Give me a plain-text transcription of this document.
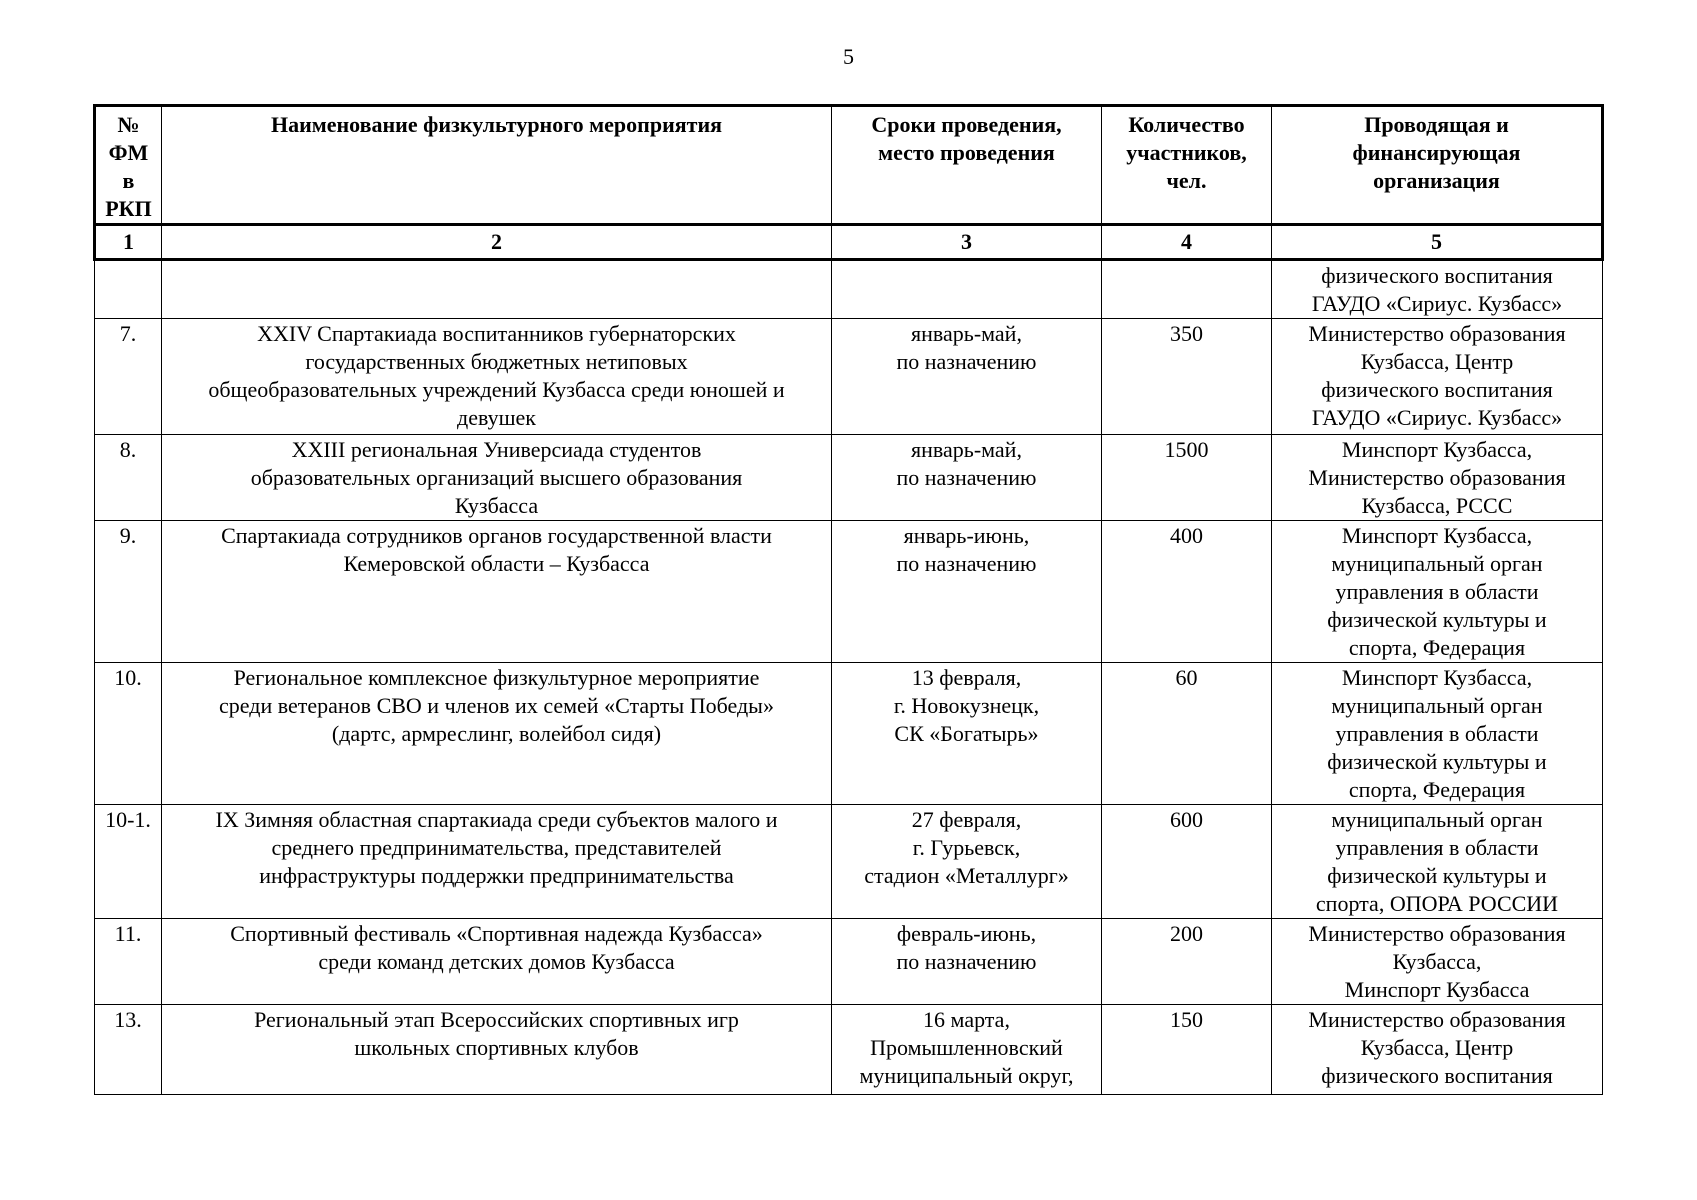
5
№
ФМ
в
РКП	Наименование физкультурного мероприятия	Сроки проведения,
место проведения	Количество
участников,
чел.	Проводящая и
финансирующая
организация
1	2	3	4	5
				физического воспитания
ГАУДО «Сириус. Кузбасс»
7.	XXIV Спартакиада воспитанников губернаторских
государственных бюджетных нетиповых
общеобразовательных учреждений Кузбасса среди юношей и
девушек	январь-май,
по назначению	350	Министерство образования
Кузбасса, Центр
физического воспитания
ГАУДО «Сириус. Кузбасс»
8.	XXIII региональная Универсиада студентов
образовательных организаций высшего образования
Кузбасса	январь-май,
по назначению	1500	Минспорт Кузбасса,
Министерство образования
Кузбасса, РССС
9.	Спартакиада сотрудников органов государственной власти
Кемеровской области – Кузбасса	январь-июнь,
по назначению	400	Минспорт Кузбасса,
муниципальный орган
управления в области
физической культуры и
спорта, Федерация
10.	Региональное комплексное физкультурное мероприятие
среди ветеранов СВО и членов их семей «Старты Победы»
(дартс, армреслинг, волейбол сидя)	13 февраля,
г. Новокузнецк,
СК «Богатырь»	60	Минспорт Кузбасса,
муниципальный орган
управления в области
физической культуры и
спорта, Федерация
10-1.	IX Зимняя областная спартакиада среди субъектов малого и
среднего предпринимательства, представителей
инфраструктуры поддержки предпринимательства	27 февраля,
г. Гурьевск,
стадион «Металлург»	600	муниципальный орган
управления в области
физической культуры и
спорта, ОПОРА РОССИИ
11.	Спортивный фестиваль «Спортивная надежда Кузбасса»
среди команд детских домов Кузбасса	февраль-июнь,
по назначению	200	Министерство образования
Кузбасса,
Минспорт Кузбасса
13.	Региональный этап Всероссийских спортивных игр
школьных спортивных клубов	16 марта,
Промышленновский
муниципальный округ,	150	Министерство образования
Кузбасса, Центр
физического воспитания
